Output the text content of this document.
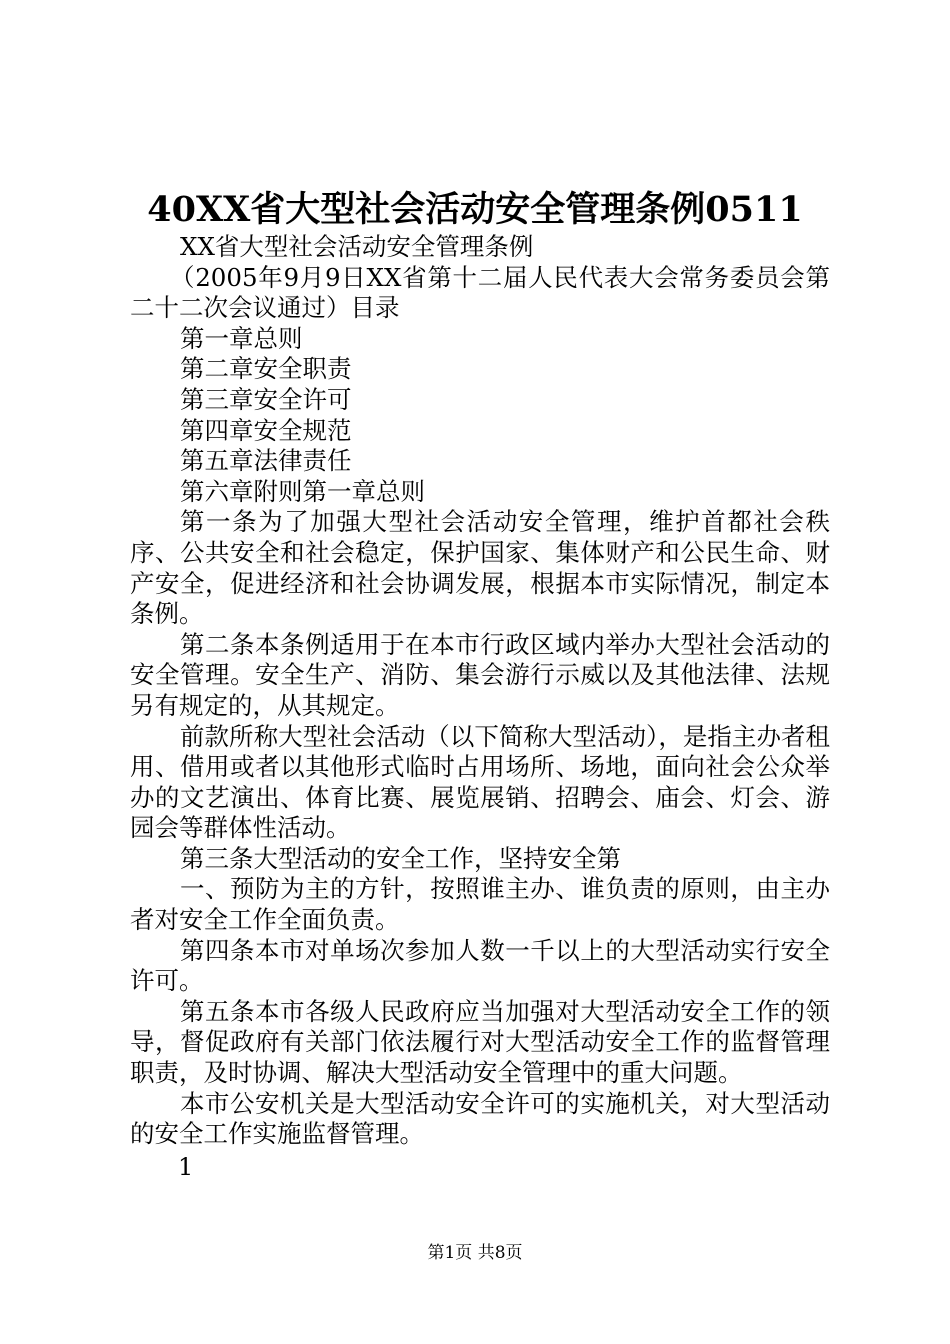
40XX省大型社会活动安全管理条例0511

XX省大型社会活动安全管理条例

（2005年9月9日XX省第十二届人民代表大会常务委员会第二十二次会议通过）目录

第一章总则

第二章安全职责

第三章安全许可

第四章安全规范

第五章法律责任

第六章附则第一章总则

第一条为了加强大型社会活动安全管理，维护首都社会秩序、公共安全和社会稳定，保护国家、集体财产和公民生命、财产安全，促进经济和社会协调发展，根据本市实际情况，制定本条例。

第二条本条例适用于在本市行政区域内举办大型社会活动的安全管理。安全生产、消防、集会游行示威以及其他法律、法规另有规定的，从其规定。

前款所称大型社会活动（以下简称大型活动），是指主办者租用、借用或者以其他形式临时占用场所、场地，面向社会公众举办的文艺演出、体育比赛、展览展销、招聘会、庙会、灯会、游园会等群体性活动。

第三条大型活动的安全工作，坚持安全第

一、预防为主的方针，按照谁主办、谁负责的原则，由主办者对安全工作全面负责。

第四条本市对单场次参加人数一千以上的大型活动实行安全许可。

第五条本市各级人民政府应当加强对大型活动安全工作的领导，督促政府有关部门依法履行对大型活动安全工作的监督管理职责，及时协调、解决大型活动安全管理中的重大问题。

本市公安机关是大型活动安全许可的实施机关，对大型活动的安全工作实施监督管理。

1
第1页 共8页
